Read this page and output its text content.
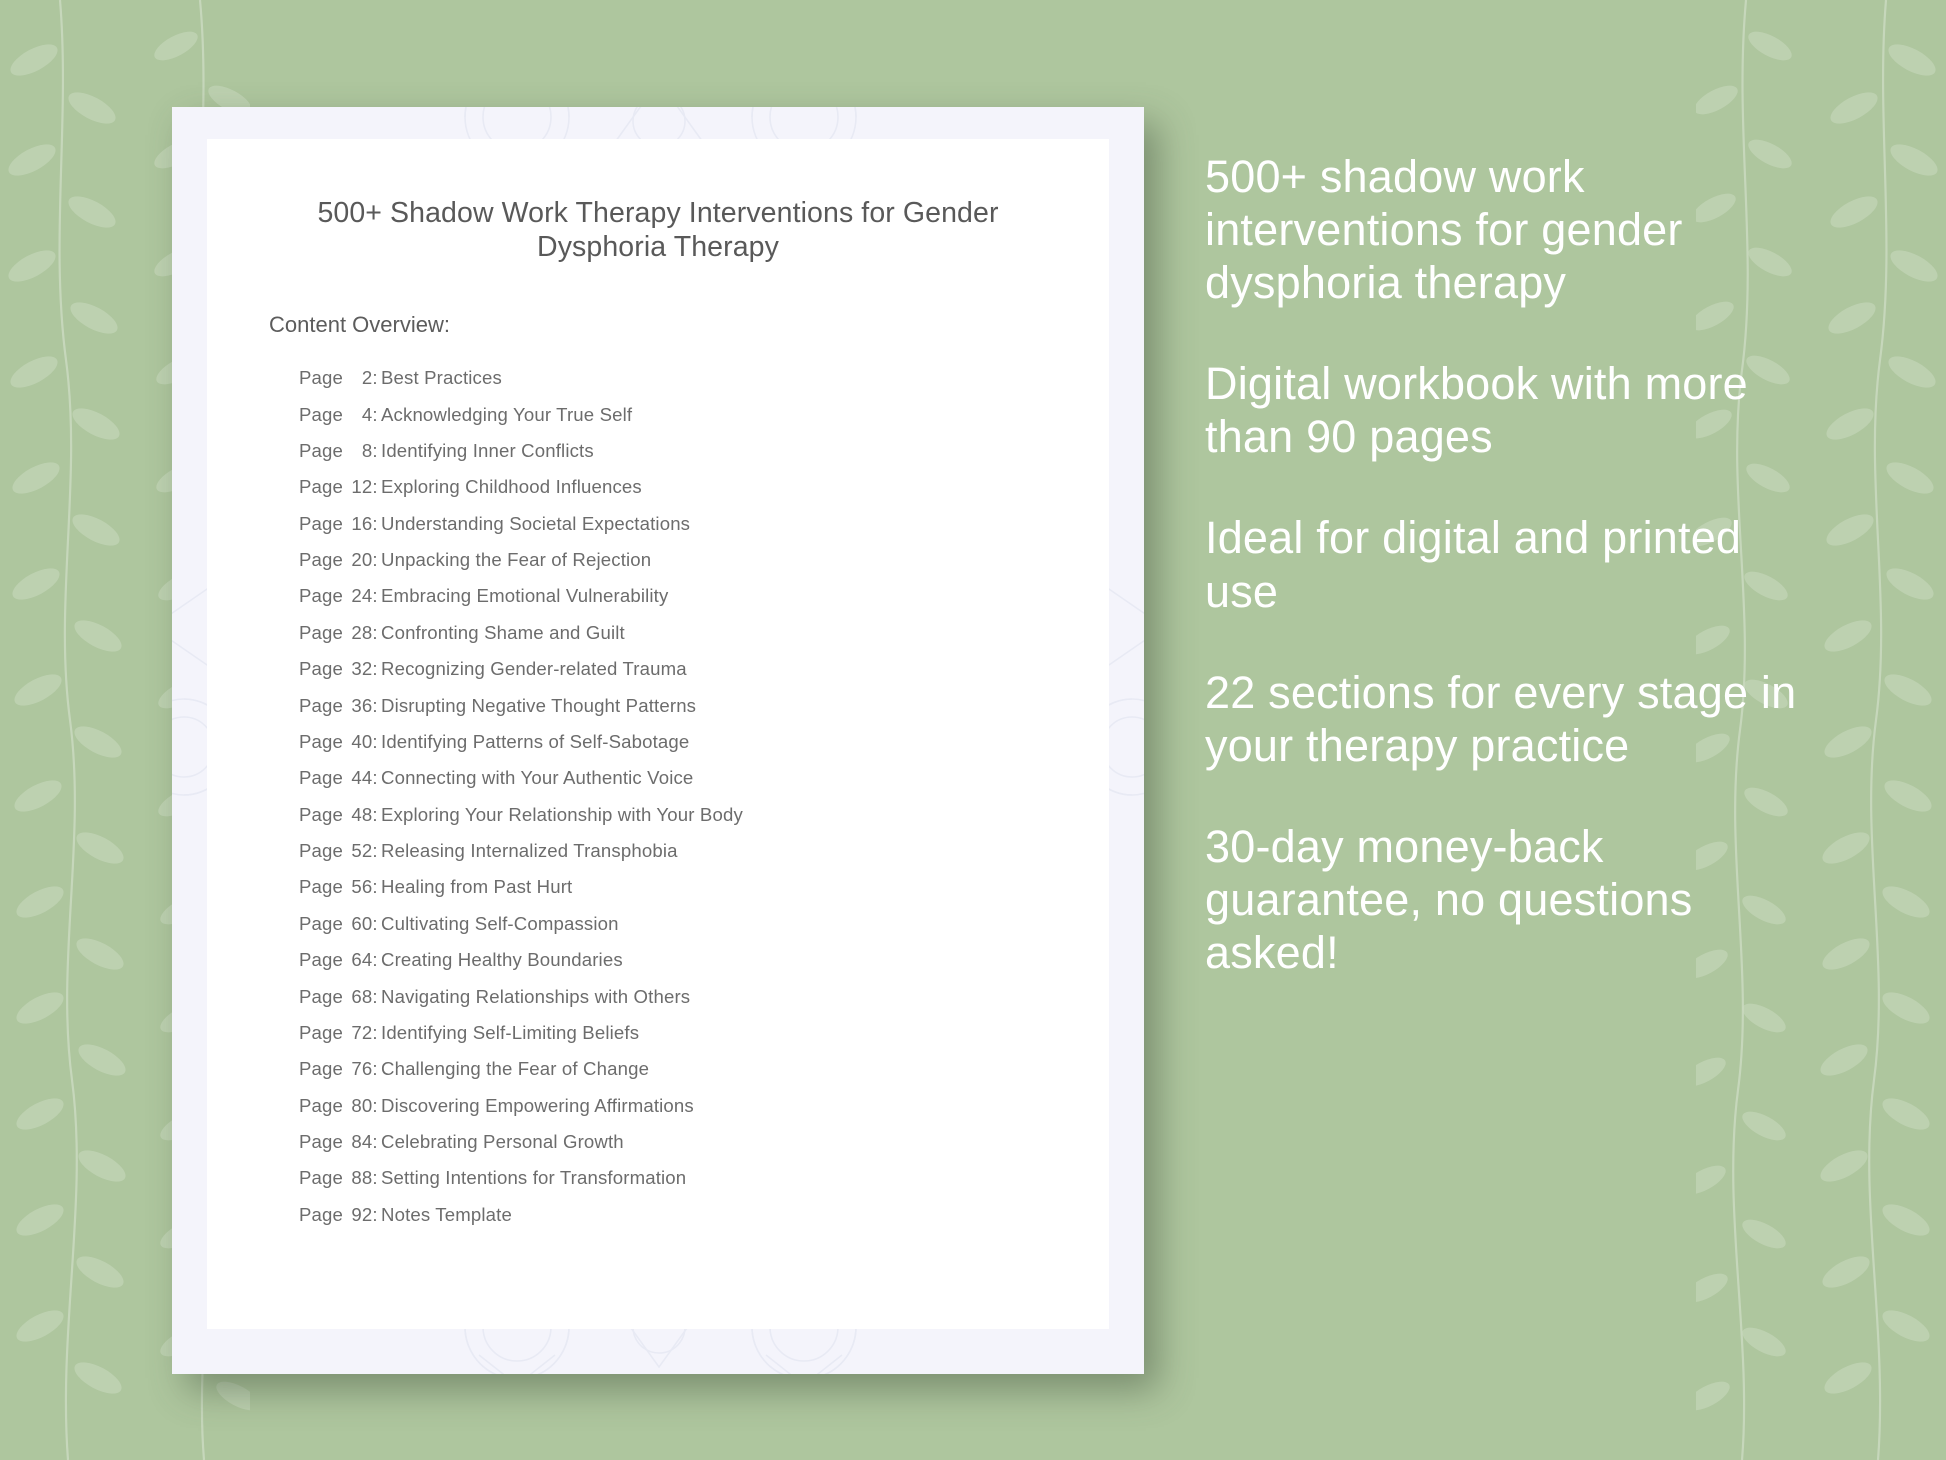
500+ Shadow Work Therapy Interventions for Gender Dysphoria Therapy

Content Overview:

Page 2: Best Practices
Page 4: Acknowledging Your True Self
Page 8: Identifying Inner Conflicts
Page 12: Exploring Childhood Influences
Page 16: Understanding Societal Expectations
Page 20: Unpacking the Fear of Rejection
Page 24: Embracing Emotional Vulnerability
Page 28: Confronting Shame and Guilt
Page 32: Recognizing Gender-related Trauma
Page 36: Disrupting Negative Thought Patterns
Page 40: Identifying Patterns of Self-Sabotage
Page 44: Connecting with Your Authentic Voice
Page 48: Exploring Your Relationship with Your Body
Page 52: Releasing Internalized Transphobia
Page 56: Healing from Past Hurt
Page 60: Cultivating Self-Compassion
Page 64: Creating Healthy Boundaries
Page 68: Navigating Relationships with Others
Page 72: Identifying Self-Limiting Beliefs
Page 76: Challenging the Fear of Change
Page 80: Discovering Empowering Affirmations
Page 84: Celebrating Personal Growth
Page 88: Setting Intentions for Transformation
Page 92: Notes Template

500+ shadow work interventions for gender dysphoria therapy

Digital workbook with more than 90 pages

Ideal for digital and printed use

22 sections for every stage in your therapy practice

30-day money-back guarantee, no questions asked!
